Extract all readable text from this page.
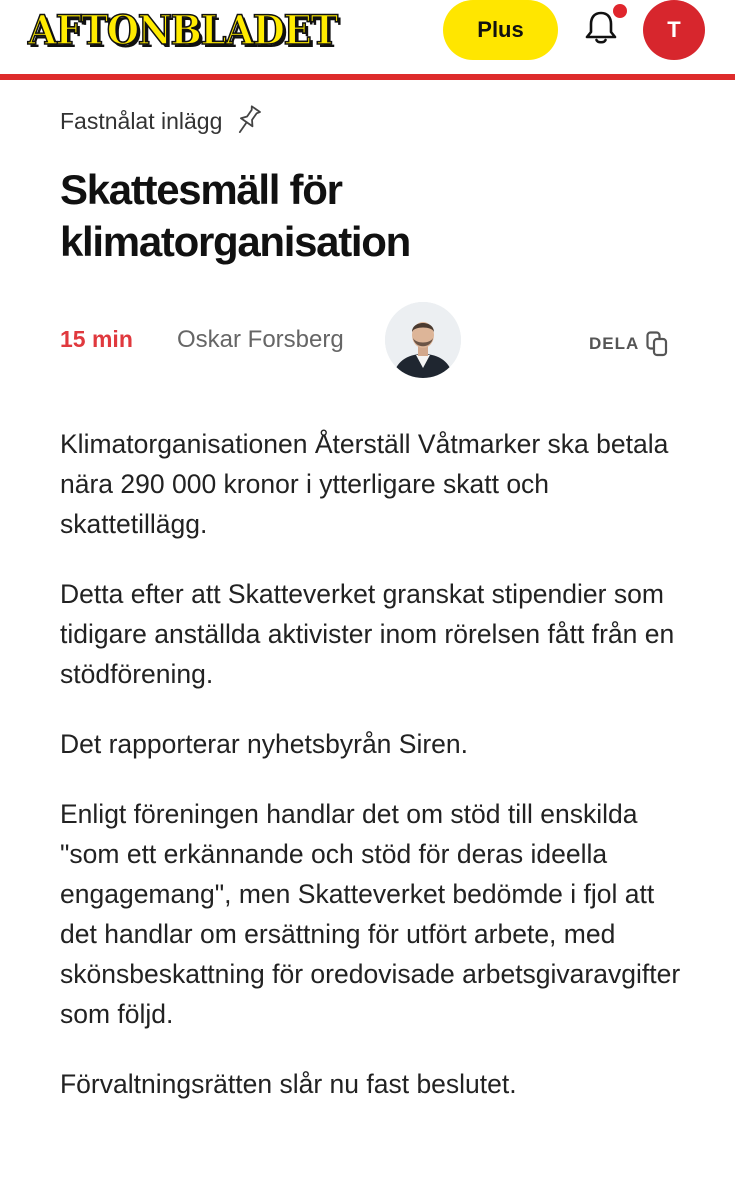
AFTONBLADET	Plus	T
Fastnålat inlägg
Skattesmäll för klimatorganisation
15 min Oskar Forsberg	DELA

Klimatorganisationen Återställ Våtmarker ska betala nära 290 000 kronor i ytterligare skatt och skattetillägg.

Detta efter att Skatteverket granskat stipendier som tidigare anställda aktivister inom rörelsen fått från en stödförening.

Det rapporterar nyhetsbyrån Siren.

Enligt föreningen handlar det om stöd till enskilda "som ett erkännande och stöd för deras ideella engagemang", men Skatteverket bedömde i fjol att det handlar om ersättning för utfört arbete, med skönsbeskattning för oredovisade arbetsgivaravgifter som följd.

Förvaltningsrätten slår nu fast beslutet.
